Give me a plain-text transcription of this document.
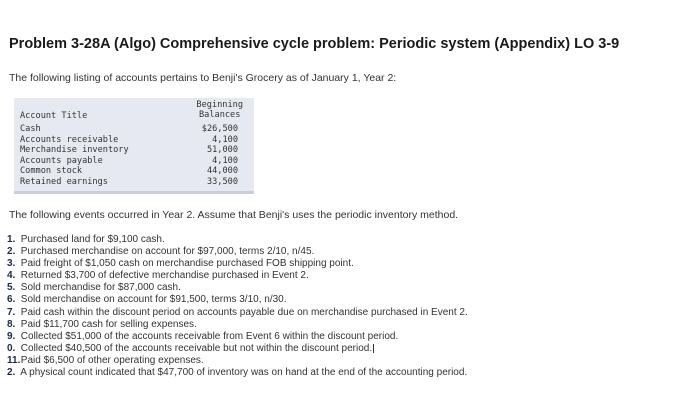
Problem 3-28A (Algo) Comprehensive cycle problem: Periodic system (Appendix) LO 3-9
The following listing of accounts pertains to Benji's Grocery as of January 1, Year 2:
Account Title
Beginning
Balances
Cash	$26,500
Accounts receivable	4,100
Merchandise inventory	51,000
Accounts payable	4,100
Common stock	44,000
Retained earnings	33,500
The following events occurred in Year 2. Assume that Benji's uses the periodic inventory method.
1. Purchased land for $9,100 cash.
2. Purchased merchandise on account for $97,000, terms 2/10, n/45.
3. Paid freight of $1,050 cash on merchandise purchased FOB shipping point.
4. Returned $3,700 of defective merchandise purchased in Event 2.
5. Sold merchandise for $87,000 cash.
6. Sold merchandise on account for $91,500, terms 3/10, n/30.
7. Paid cash within the discount period on accounts payable due on merchandise purchased in Event 2.
8. Paid $11,700 cash for selling expenses.
9. Collected $51,000 of the accounts receivable from Event 6 within the discount period.
0. Collected $40,500 of the accounts receivable but not within the discount period.
11. Paid $6,500 of other operating expenses.
2. A physical count indicated that $47,700 of inventory was on hand at the end of the accounting period.
